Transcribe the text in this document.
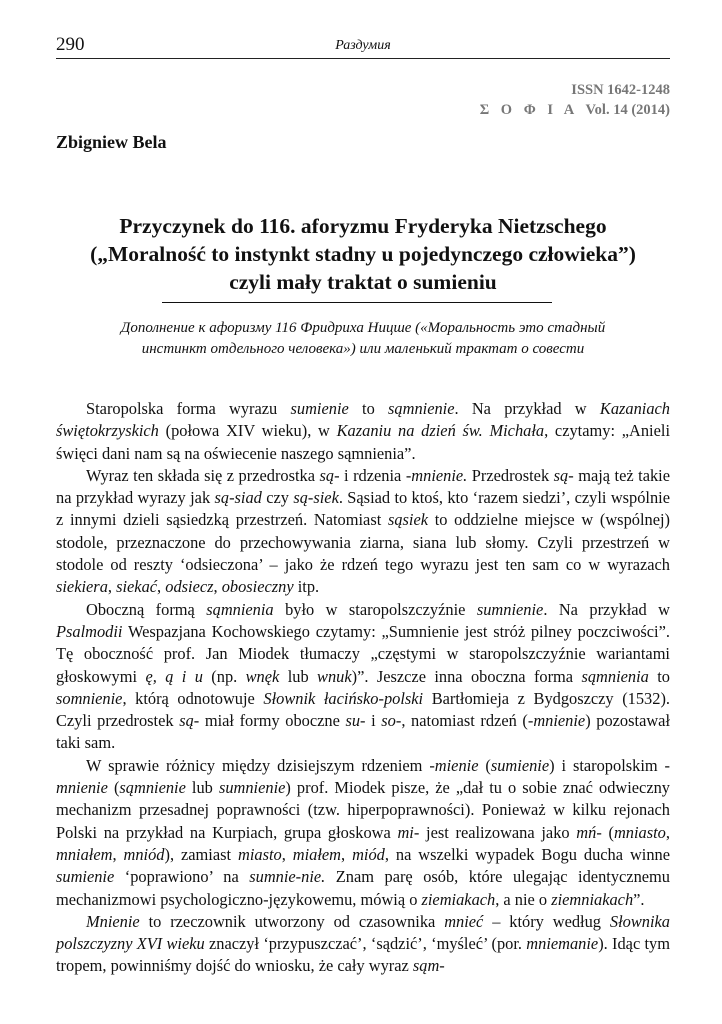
290	Раздумия
ISSN 1642-1248
Σ Ο Φ Ι Α Vol. 14 (2014)
Zbigniew Bela
Przyczynek do 116. aforyzmu Fryderyka Nietzschego
(„Moralność to instynkt stadny u pojedynczego człowieka”)
czyli mały traktat o sumieniu
Дополнение к афоризму 116 Фридриха Ницше («Моральность это стадный
инстинкт отдельного человека») или маленький трактат о совести

Staropolska forma wyrazu sumienie to sąmnienie. Na przykład w Kazaniach świętokrzyskich (połowa XIV wieku), w Kazaniu na dzień św. Michała, czytamy: „Anieli święci dani nam są na oświecenie naszego sąmnienia”.

Wyraz ten składa się z przedrostka są- i rdzenia -mnienie. Przedrostek są- mają też takie na przykład wyrazy jak są-siad czy są-siek. Sąsiad to ktoś, kto ‘razem siedzi’, czyli wspólnie z innymi dzieli sąsiedzką przestrzeń. Natomiast sąsiek to oddzielne miejsce w (wspólnej) stodole, przeznaczone do przechowywania ziarna, siana lub słomy. Czyli przestrzeń w stodole od reszty ‘odsieczona’ – jako że rdzeń tego wyrazu jest ten sam co w wyrazach siekiera, siekać, odsiecz, obosieczny itp.

Oboczną formą sąmnienia było w staropolszczyźnie sumnienie. Na przykład w Psalmodii Wespazjana Kochowskiego czytamy: „Sumnienie jest stróż pilney poczciwości”. Tę oboczność prof. Jan Miodek tłumaczy „częstymi w staropolszczyźnie wariantami głoskowymi ę, ą i u (np. wnęk lub wnuk)”. Jeszcze inna oboczna forma sąmnienia to somnienie, którą odnotowuje Słownik łacińsko-polski Bartłomieja z Bydgoszczy (1532). Czyli przedrostek są- miał formy oboczne su- i so-, natomiast rdzeń (-mnienie) pozostawał taki sam.

W sprawie różnicy między dzisiejszym rdzeniem -mienie (sumienie) i staropolskim -mnienie (sąmnienie lub sumnienie) prof. Miodek pisze, że „dał tu o sobie znać odwieczny mechanizm przesadnej poprawności (tzw. hiperpoprawności). Ponieważ w kilku rejonach Polski na przykład na Kurpiach, grupa głoskowa mi- jest realizowana jako mń- (mniasto, mniałem, mniód), zamiast miasto, miałem, miód, na wszelki wypadek Bogu ducha winne sumienie ‘poprawiono’ na sumnie-nie. Znam parę osób, które ulegając identycznemu mechanizmowi psychologiczno-językowemu, mówią o ziemiakach, a nie o ziemniakach”.

Mnienie to rzeczownik utworzony od czasownika mnieć – który według Słownika polszczyzny XVI wieku znaczył ‘przypuszczać’, ‘sądzić’, ‘myśleć’ (por. mniemanie). Idąc tym tropem, powinniśmy dojść do wniosku, że cały wyraz sąm-
